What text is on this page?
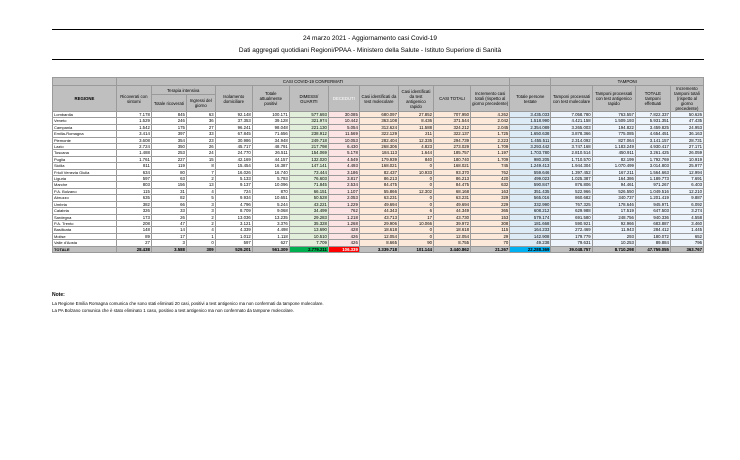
24 marzo 2021 - Aggiornamento casi Covid-19
Dati aggregati quotidiani Regioni/PPAA - Ministero della Salute - Istituto Superiore di Sanità
	CASI COVID-19 CONFERMATI												TAMPONI			
REGIONE	Ricoverati con sintomi	Terapia intensiva		Isolamento domiciliare	Totale attualmente positivi	DIMESSI/ GUARITI	DECEDUTI	Casi identificati da test molecolare	Casi identificati da test antigenico rapido	CASI TOTALI	Incremento casi totali (rispetto al giorno precedente)	Totale persone testate	Tamponi processati con test molecolare	Tamponi processati con test antigenico rapido	TOTALE tamponi effettuati	Incremento tamponi totali (rispetto al giorno precedente)
		Totale ricoverati	Ingressi del giorno													
Lombardia	7.178	845	63	92.148	100.171	577.693	30.085	680.097	27.852	707.950	4.262	3.435.033	7.058.780	763.557	7.822.337	50.626
Veneto	1.529	246	36	37.353	39.128	321.974	10.442	363.108	8.436	371.544	2.042	1.518.990	4.421.158	1.509.193	5.931.351	47.435
Campania	1.542	175	27	96.241	98.048	221.130	5.054	312.624	11.588	324.212	2.045	2.354.089	3.265.003	194.822	3.459.825	24.953
Emilia-Romagna	3.414	397	33	67.845	71.656	238.912	11.569	322.129	211	322.137	1.725	1.650.638	3.878.366	775.085	4.654.451	36.163
Piemonte	3.608	354	23	30.986	34.948	249.718	10.053	282.404	12.335	294.739	2.223	1.455.511	2.314.092	827.064	3.141.157	28.731
Lazio	2.724	350	26	45.717	48.791	217.798	6.430	268.306	4.823	273.029	1.709	3.293.442	3.747.168	1.183.249	4.930.417	27.171
Toscana	1.488	253	24	24.770	26.511	154.069	5.178	184.113	1.644	185.757	1.197	1.703.780	2.810.514	450.911	3.261.425	26.059
Puglia	1.761	227	15	42.169	44.157	132.020	4.549	179.939	840	180.740	1.709	980.205	1.710.570	82.199	1.792.769	10.919
Sicilia	811	119	8	15.454	16.387	147.141	4.493	168.021	0	168.021	745	1.249.413	1.944.304	1.070.499	3.014.803	25.977
Friuli Venezia Giulia	634	80	7	16.026	16.740	73.444	3.186	82.437	10.933	93.370	762	559.646	1.397.452	167.211	1.564.663	12.994
Liguria	597	63	2	5.133	5.793	76.603	3.817	86.213	0	86.213	420	499.023	1.025.387	164.386	1.189.773	7.691
Marche	803	156	13	9.137	10.096	71.845	2.534	84.475	0	84.475	632	590.847	876.806	94.461	971.267	6.403
P.A. Bolzano	115	31	4	724	870	66.151	1.107	55.866	12.302	68.168	163	351.435	522.966	526.550	1.049.516	12.210
Abruzzo	635	82	5	9.934	10.651	50.528	2.053	63.231	0	63.231	329	565.016	860.682	340.737	1.201.419	9.887
Umbria	382	66	3	4.796	5.244	43.221	1.229	49.694	0	49.694	229	332.990	767.325	178.646	945.971	6.092
Calabria	326	33	3	8.709	9.068	34.499	762	44.343	6	44.349	365	608.212	629.988	17.519	647.503	3.274
Sardegna	173	26	2	13.036	13.235	29.283	1.218	43.713	17	43.730	153	579.174	691.580	248.756	940.336	4.558
P.A. Trento	208	47	2	3.121	3.376	35.328	1.268	29.906	10.066	39.972	308	181.668	590.921	92.966	683.887	3.460
Basilicata	148	14	4	4.339	4.498	13.690	428	18.618	0	18.618	115	164.233	272.469	11.943	284.412	1.445
Molise	89	17	1	1.012	1.118	10.510	426	12.054	0	12.054	29	142.908	179.779	293	180.072	652
Valle d'Aosta	27	3	0	597	627	7.709	426	8.665	90	8.755	70	49.238	79.631	10.253	89.884	796
TOTALE	28.438	3.588	309	529.201	561.309	2.779.211	106.339	3.339.718	101.144	3.440.862	21.267	22.288.369	39.048.757	8.710.298	47.759.055	363.767
Note:
La Regione Emilia Romagna comunica che sono stati eliminati 20 casi, positivi a test antigenico ma non confermati da tampone molecolare.
La PA Bolzano comunica che è stato eliminato 1 caso, positivo a test antigenico ma non confermato da tampone molecolare.
